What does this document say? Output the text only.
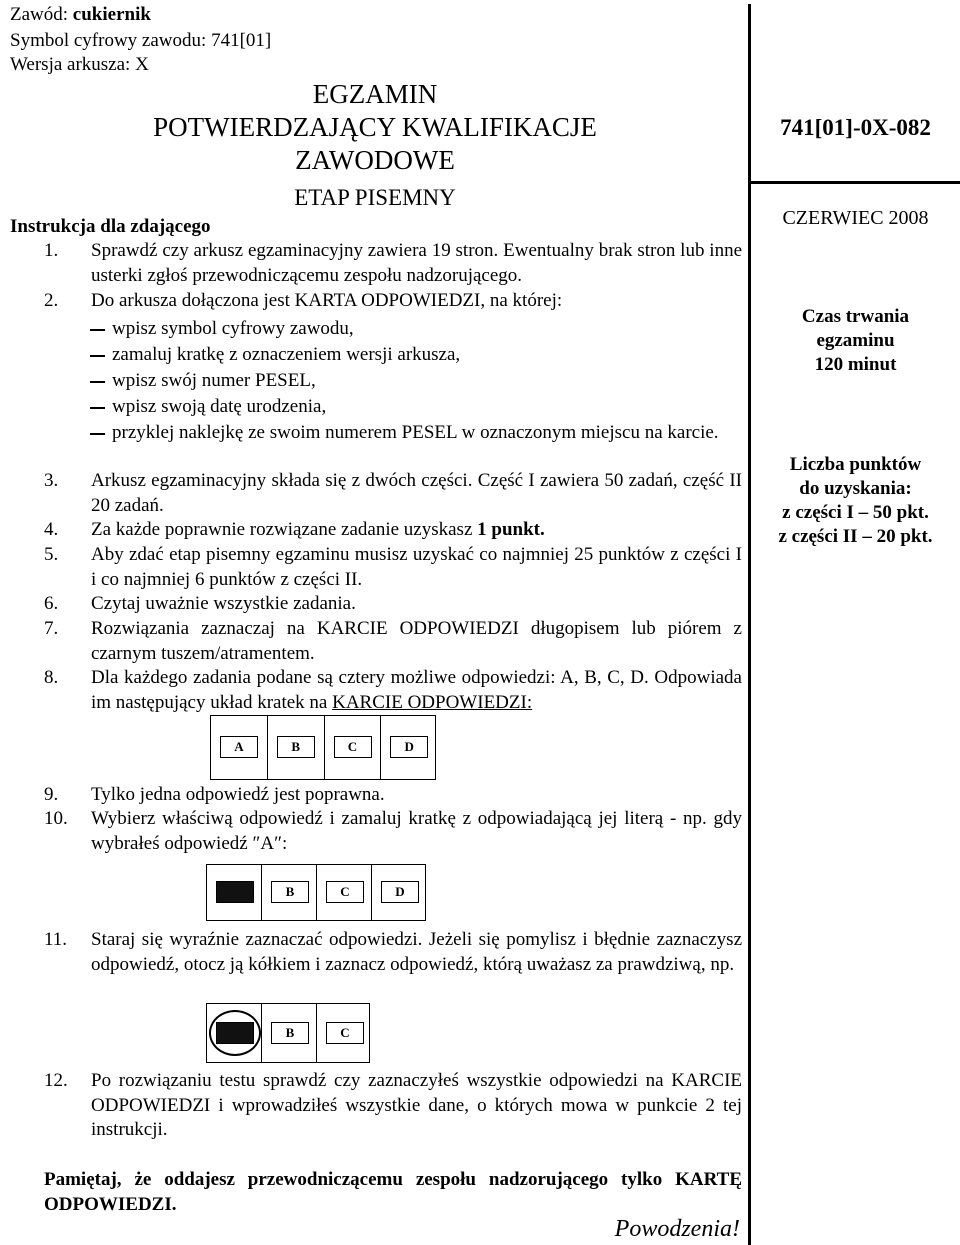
Zawód: cukiernik
Symbol cyfrowy zawodu: 741[01]
Wersja arkusza: X
EGZAMIN
POTWIERDZAJĄCY KWALIFIKACJE
ZAWODOWE
ETAP PISEMNY
741[01]-0X-082
CZERWIEC 2008
Czas trwania
egzaminu
120 minut
Liczba punktów
do uzyskania:
z części I – 50 pkt.
z części II – 20 pkt.
Instrukcja dla zdającego
1. Sprawdź czy arkusz egzaminacyjny zawiera 19 stron. Ewentualny brak stron lub inne usterki zgłoś przewodniczącemu zespołu nadzorującego.
2. Do arkusza dołączona jest KARTA ODPOWIEDZI, na której:
wpisz symbol cyfrowy zawodu,
zamaluj kratkę z oznaczeniem wersji arkusza,
wpisz swój numer PESEL,
wpisz swoją datę urodzenia,
przyklej naklejkę ze swoim numerem PESEL w oznaczonym miejscu na karcie.
3. Arkusz egzaminacyjny składa się z dwóch części. Część I zawiera 50 zadań, część II 20 zadań.
4. Za każde poprawnie rozwiązane zadanie uzyskasz 1 punkt.
5. Aby zdać etap pisemny egzaminu musisz uzyskać co najmniej 25 punktów z części I i co najmniej 6 punktów z części II.
6. Czytaj uważnie wszystkie zadania.
7. Rozwiązania zaznaczaj na KARCIE ODPOWIEDZI długopisem lub piórem z czarnym tuszem/atramentem.
8. Dla każdego zadania podane są cztery możliwe odpowiedzi: A, B, C, D. Odpowiada im następujący układ kratek na KARCIE ODPOWIEDZI:
A	B	C	D
9. Tylko jedna odpowiedź jest poprawna.
10. Wybierz właściwą odpowiedź i zamaluj kratkę z odpowiadającą jej literą - np. gdy wybrałeś odpowiedź ″A″:
B	C	D
11. Staraj się wyraźnie zaznaczać odpowiedzi. Jeżeli się pomylisz i błędnie zaznaczysz odpowiedź, otocz ją kółkiem i zaznacz odpowiedź, którą uważasz za prawdziwą, np.
B	C
12. Po rozwiązaniu testu sprawdź czy zaznaczyłeś wszystkie odpowiedzi na KARCIE ODPOWIEDZI i wprowadziłeś wszystkie dane, o których mowa w punkcie 2 tej instrukcji.
Pamiętaj, że oddajesz przewodniczącemu zespołu nadzorującego tylko KARTĘ ODPOWIEDZI.
Powodzenia!
